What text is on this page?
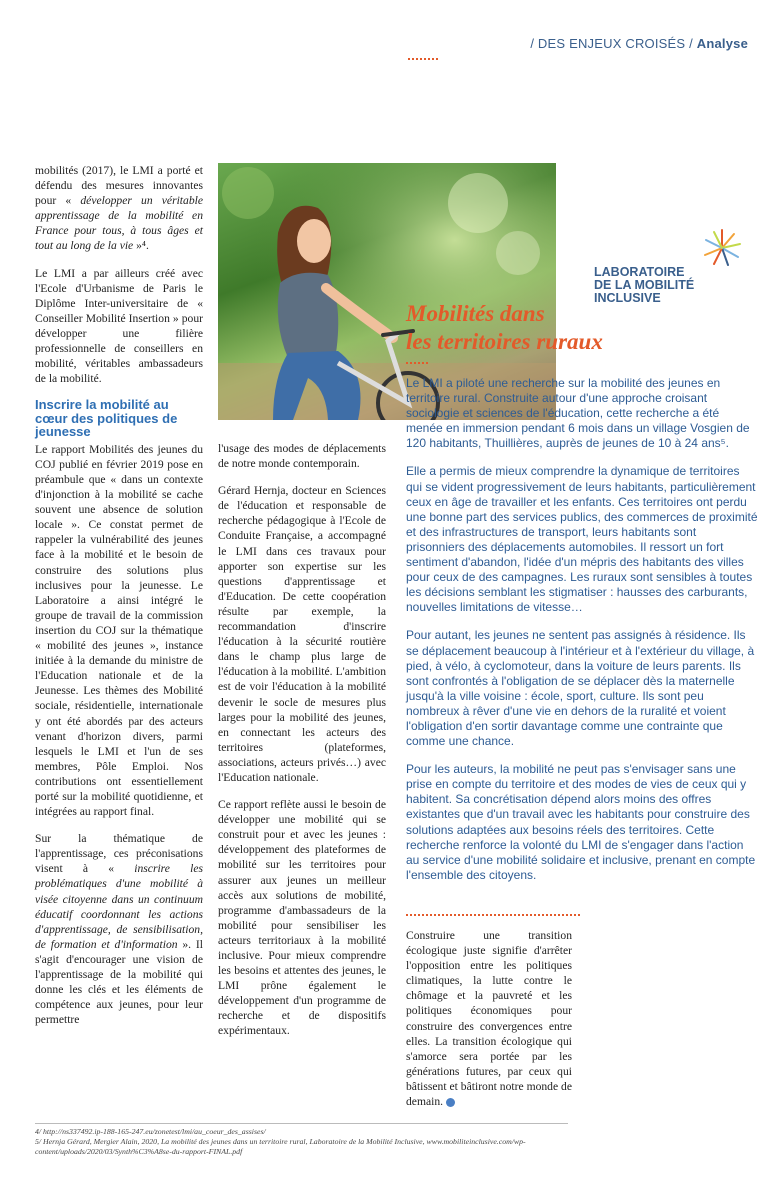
/ DES ENJEUX CROISÉS / Analyse

mobilités (2017), le LMI a porté et défendu des mesures innovantes pour « développer un véritable apprentissage de la mobilité en France pour tous, à tous âges et tout au long de la vie »⁴.

Le LMI a par ailleurs créé avec l'Ecole d'Urbanisme de Paris le Diplôme Inter-universitaire de « Conseiller Mobilité Insertion » pour développer une filière professionnelle de conseillers en mobilité, véritables ambassadeurs de la mobilité.

Inscrire la mobilité au cœur des politiques de jeunesse

Le rapport Mobilités des jeunes du COJ publié en février 2019 pose en préambule que « dans un contexte d'injonction à la mobilité se cache souvent une absence de solution locale ». Ce constat permet de rappeler la vulnérabilité des jeunes face à la mobilité et le besoin de construire des solutions plus inclusives pour la jeunesse. Le Laboratoire a ainsi intégré le groupe de travail de la commission insertion du COJ sur la thématique « mobilité des jeunes », instance initiée à la demande du ministre de l'Education nationale et de la Jeunesse. Les thèmes des Mobilité sociale, résidentielle, internationale y ont été abordés par des acteurs venant d'horizon divers, parmi lesquels le LMI et l'un de ses membres, Pôle Emploi. Nos contributions ont essentiellement porté sur la mobilité quotidienne, et intégrées au rapport final.

Sur la thématique de l'apprentissage, ces préconisations visent à « inscrire les problématiques d'une mobilité à visée citoyenne dans un continuum éducatif coordonnant les actions d'apprentissage, de sensibilisation, de formation et d'information ». Il s'agit d'encourager une vision de l'apprentissage de la mobilité qui donne les clés et les éléments de compétence aux jeunes, pour leur permettre

LABORATOIRE
DE LA MOBILITÉ
INCLUSIVE
Mobilités dans
les territoires ruraux

Le LMI a piloté une recherche sur la mobilité des jeunes en territoire rural. Construite autour d'une approche croisant sociologie et sciences de l'éducation, cette recherche a été menée en immersion pendant 6 mois dans un village Vosgien de 120 habitants, Thuillières, auprès de jeunes de 10 à 24 ans⁵.

Elle a permis de mieux comprendre la dynamique de territoires qui se vident progressivement de leurs habitants, particulièrement ceux en âge de travailler et les enfants. Ces territoires ont perdu une bonne part des services publics, des commerces de proximité et des infrastructures de transport, leurs habitants sont prisonniers des déplacements automobiles. Il ressort un fort sentiment d'abandon, l'idée d'un mépris des habitants des villes pour ceux de des campagnes. Les ruraux sont sensibles à toutes les décisions semblant les stigmatiser : hausses des carburants, nouvelles limitations de vitesse…

Pour autant, les jeunes ne sentent pas assignés à résidence. Ils se déplacement beaucoup à l'intérieur et à l'extérieur du village, à pied, à vélo, à cyclomoteur, dans la voiture de leurs parents. Ils sont confrontés à l'obligation de se déplacer dès la maternelle jusqu'à la ville voisine : école, sport, culture. Ils sont peu nombreux à rêver d'une vie en dehors de la ruralité et voient l'obligation d'en sortir davantage comme une contrainte que comme une chance.

Pour les auteurs, la mobilité ne peut pas s'envisager sans une prise en compte du territoire et des modes de vies de ceux qui y habitent. Sa concrétisation dépend alors moins des offres existantes que d'un travail avec les habitants pour construire des solutions adaptées aux besoins réels des territoires. Cette recherche renforce la volonté du LMI de s'engager dans l'action au service d'une mobilité solidaire et inclusive, prenant en compte l'ensemble des citoyens.

l'usage des modes de déplacements de notre monde contemporain.

Gérard Hernja, docteur en Sciences de l'éducation et responsable de recherche pédagogique à l'Ecole de Conduite Française, a accompagné le LMI dans ces travaux pour apporter son expertise sur les questions d'apprentissage et d'Education. De cette coopération résulte par exemple, la recommandation d'inscrire l'éducation à la sécurité routière dans le champ plus large de l'éducation à la mobilité. L'ambition est de voir l'éducation à la mobilité devenir le socle de mesures plus larges pour la mobilité des jeunes, en connectant les acteurs des territoires (plateformes, associations, acteurs privés…) avec l'Education nationale.

Ce rapport reflète aussi le besoin de développer une mobilité qui se construit pour et avec les jeunes : développement des plateformes de mobilité sur les territoires pour assurer aux jeunes un meilleur accès aux solutions de mobilité, programme d'ambassadeurs de la mobilité pour sensibiliser les acteurs territoriaux à la mobilité inclusive. Pour mieux comprendre les besoins et attentes des jeunes, le LMI prône également le développement d'un programme de recherche et de dispositifs expérimentaux.

Construire une transition écologique juste signifie d'arrêter l'opposition entre les politiques climatiques, la lutte contre le chômage et la pauvreté et les politiques économiques pour construire des convergences entre elles. La transition écologique qui s'amorce sera portée par les générations futures, par ceux qui bâtissent et bâtiront notre monde de demain.
4/ http://ns337492.ip-188-165-247.eu/zonetest/lmi/au_coeur_des_assises/
5/ Hernja Gérard, Mergier Alain, 2020, La mobilité des jeunes dans un territoire rural, Laboratoire de la Mobilité Inclusive, www.mobiliteinclusive.com/wp-content/uploads/2020/03/Synth%C3%A8se-du-rapport-FINAL.pdf
